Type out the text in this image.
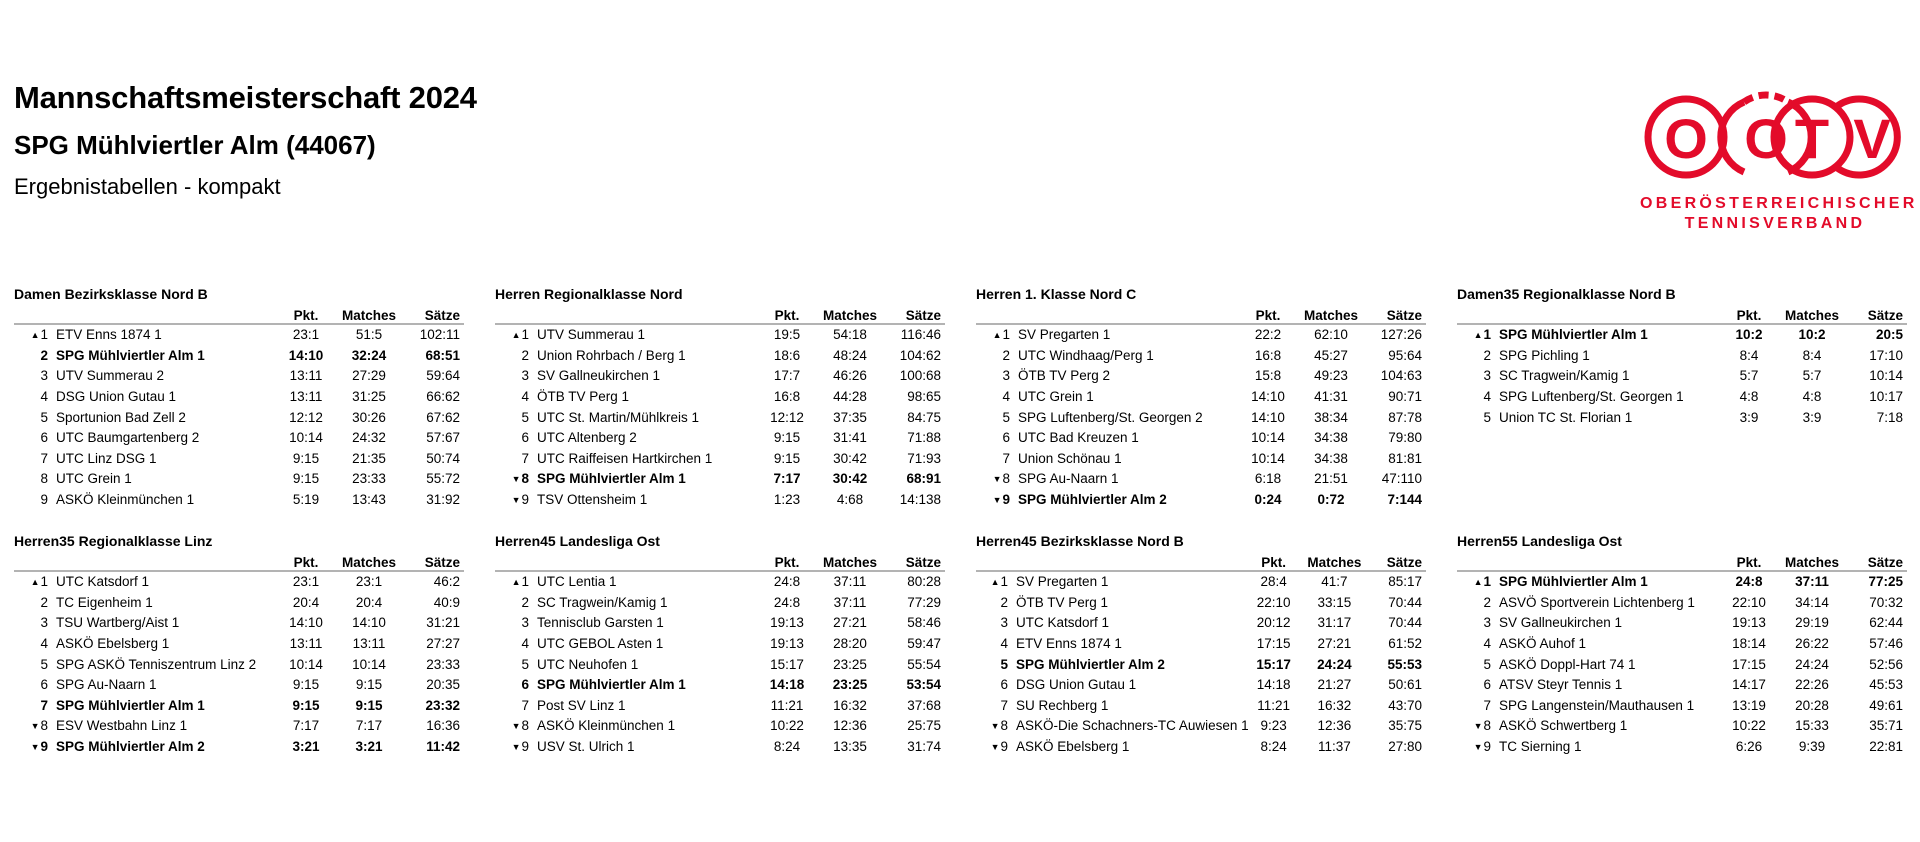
Mannschaftsmeisterschaft 2024
SPG Mühlviertler Alm (44067)
Ergebnistabellen - kompakt
O O T V
OBERÖSTERREICHISCHER
TENNISVERBAND
Damen Bezirksklasse Nord B
		Pkt.	Matches	Sätze
▲1	ETV Enns 1874 1	23:1	51:5	102:11
2	SPG Mühlviertler Alm 1	14:10	32:24	68:51
3	UTV Summerau 2	13:11	27:29	59:64
4	DSG Union Gutau 1	13:11	31:25	66:62
5	Sportunion Bad Zell 2	12:12	30:26	67:62
6	UTC Baumgartenberg 2	10:14	24:32	57:67
7	UTC Linz DSG 1	9:15	21:35	50:74
8	UTC Grein 1	9:15	23:33	55:72
9	ASKÖ Kleinmünchen 1	5:19	13:43	31:92
Herren Regionalklasse Nord
		Pkt.	Matches	Sätze
▲1	UTV Summerau 1	19:5	54:18	116:46
2	Union Rohrbach / Berg 1	18:6	48:24	104:62
3	SV Gallneukirchen 1	17:7	46:26	100:68
4	ÖTB TV Perg 1	16:8	44:28	98:65
5	UTC St. Martin/Mühlkreis 1	12:12	37:35	84:75
6	UTC Altenberg 2	9:15	31:41	71:88
7	UTC Raiffeisen Hartkirchen 1	9:15	30:42	71:93
▼8	SPG Mühlviertler Alm 1	7:17	30:42	68:91
▼9	TSV Ottensheim 1	1:23	4:68	14:138
Herren 1. Klasse Nord C
		Pkt.	Matches	Sätze
▲1	SV Pregarten 1	22:2	62:10	127:26
2	UTC Windhaag/Perg 1	16:8	45:27	95:64
3	ÖTB TV Perg 2	15:8	49:23	104:63
4	UTC Grein 1	14:10	41:31	90:71
5	SPG Luftenberg/St. Georgen 2	14:10	38:34	87:78
6	UTC Bad Kreuzen 1	10:14	34:38	79:80
7	Union Schönau 1	10:14	34:38	81:81
▼8	SPG Au-Naarn 1	6:18	21:51	47:110
▼9	SPG Mühlviertler Alm 2	0:24	0:72	7:144
Damen35 Regionalklasse Nord B
		Pkt.	Matches	Sätze
▲1	SPG Mühlviertler Alm 1	10:2	10:2	20:5
2	SPG Pichling 1	8:4	8:4	17:10
3	SC Tragwein/Kamig 1	5:7	5:7	10:14
4	SPG Luftenberg/St. Georgen 1	4:8	4:8	10:17
5	Union TC St. Florian 1	3:9	3:9	7:18
Herren35 Regionalklasse Linz
		Pkt.	Matches	Sätze
▲1	UTC Katsdorf 1	23:1	23:1	46:2
2	TC Eigenheim 1	20:4	20:4	40:9
3	TSU Wartberg/Aist 1	14:10	14:10	31:21
4	ASKÖ Ebelsberg 1	13:11	13:11	27:27
5	SPG ASKÖ Tenniszentrum Linz 2	10:14	10:14	23:33
6	SPG Au-Naarn 1	9:15	9:15	20:35
7	SPG Mühlviertler Alm 1	9:15	9:15	23:32
▼8	ESV Westbahn Linz 1	7:17	7:17	16:36
▼9	SPG Mühlviertler Alm 2	3:21	3:21	11:42
Herren45 Landesliga Ost
		Pkt.	Matches	Sätze
▲1	UTC Lentia 1	24:8	37:11	80:28
2	SC Tragwein/Kamig 1	24:8	37:11	77:29
3	Tennisclub Garsten 1	19:13	27:21	58:46
4	UTC GEBOL Asten 1	19:13	28:20	59:47
5	UTC Neuhofen 1	15:17	23:25	55:54
6	SPG Mühlviertler Alm 1	14:18	23:25	53:54
7	Post SV Linz 1	11:21	16:32	37:68
▼8	ASKÖ Kleinmünchen 1	10:22	12:36	25:75
▼9	USV St. Ulrich 1	8:24	13:35	31:74
Herren45 Bezirksklasse Nord B
		Pkt.	Matches	Sätze
▲1	SV Pregarten 1	28:4	41:7	85:17
2	ÖTB TV Perg 1	22:10	33:15	70:44
3	UTC Katsdorf 1	20:12	31:17	70:44
4	ETV Enns 1874 1	17:15	27:21	61:52
5	SPG Mühlviertler Alm 2	15:17	24:24	55:53
6	DSG Union Gutau 1	14:18	21:27	50:61
7	SU Rechberg 1	11:21	16:32	43:70
▼8	ASKÖ-Die Schachners-TC Auwiesen 1	9:23	12:36	35:75
▼9	ASKÖ Ebelsberg 1	8:24	11:37	27:80
Herren55 Landesliga Ost
		Pkt.	Matches	Sätze
▲1	SPG Mühlviertler Alm 1	24:8	37:11	77:25
2	ASVÖ Sportverein Lichtenberg 1	22:10	34:14	70:32
3	SV Gallneukirchen 1	19:13	29:19	62:44
4	ASKÖ Auhof 1	18:14	26:22	57:46
5	ASKÖ Doppl-Hart 74 1	17:15	24:24	52:56
6	ATSV Steyr Tennis 1	14:17	22:26	45:53
7	SPG Langenstein/Mauthausen 1	13:19	20:28	49:61
▼8	ASKÖ Schwertberg 1	10:22	15:33	35:71
▼9	TC Sierning 1	6:26	9:39	22:81
